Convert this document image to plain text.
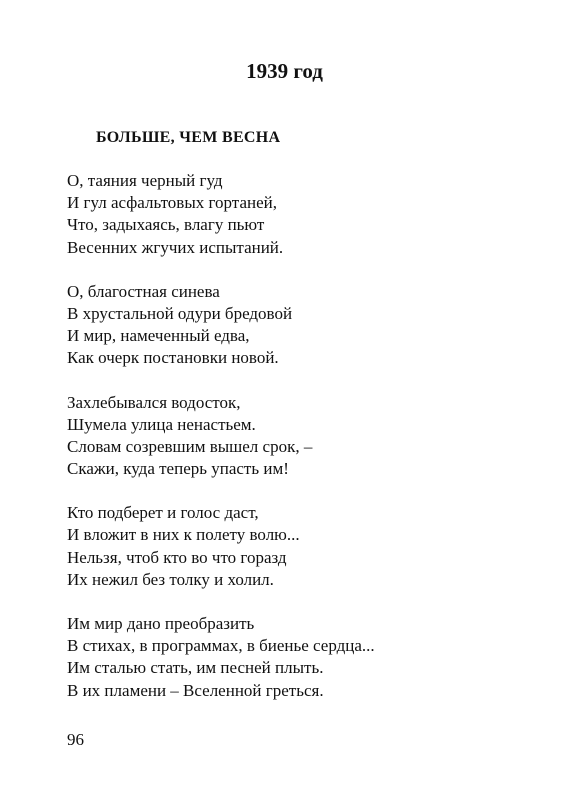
1939 год
БОЛЬШЕ, ЧЕМ ВЕСНА
О, таяния черный гуд
И гул асфальтовых гортаней,
Что, задыхаясь, влагу пьют
Весенних жгучих испытаний.
О, благостная синева
В хрустальной одури бредовой
И мир, намеченный едва,
Как очерк постановки новой.
Захлебывался водосток,
Шумела улица ненастьем.
Словам созревшим вышел срок, –
Скажи, куда теперь упасть им!
Кто подберет и голос даст,
И вложит в них к полету волю...
Нельзя, чтоб кто во что горазд
Их нежил без толку и холил.
Им мир дано преобразить
В стихах, в программах, в биенье сердца...
Им сталью стать, им песней плыть.
В их пламени – Вселенной греться.
96
